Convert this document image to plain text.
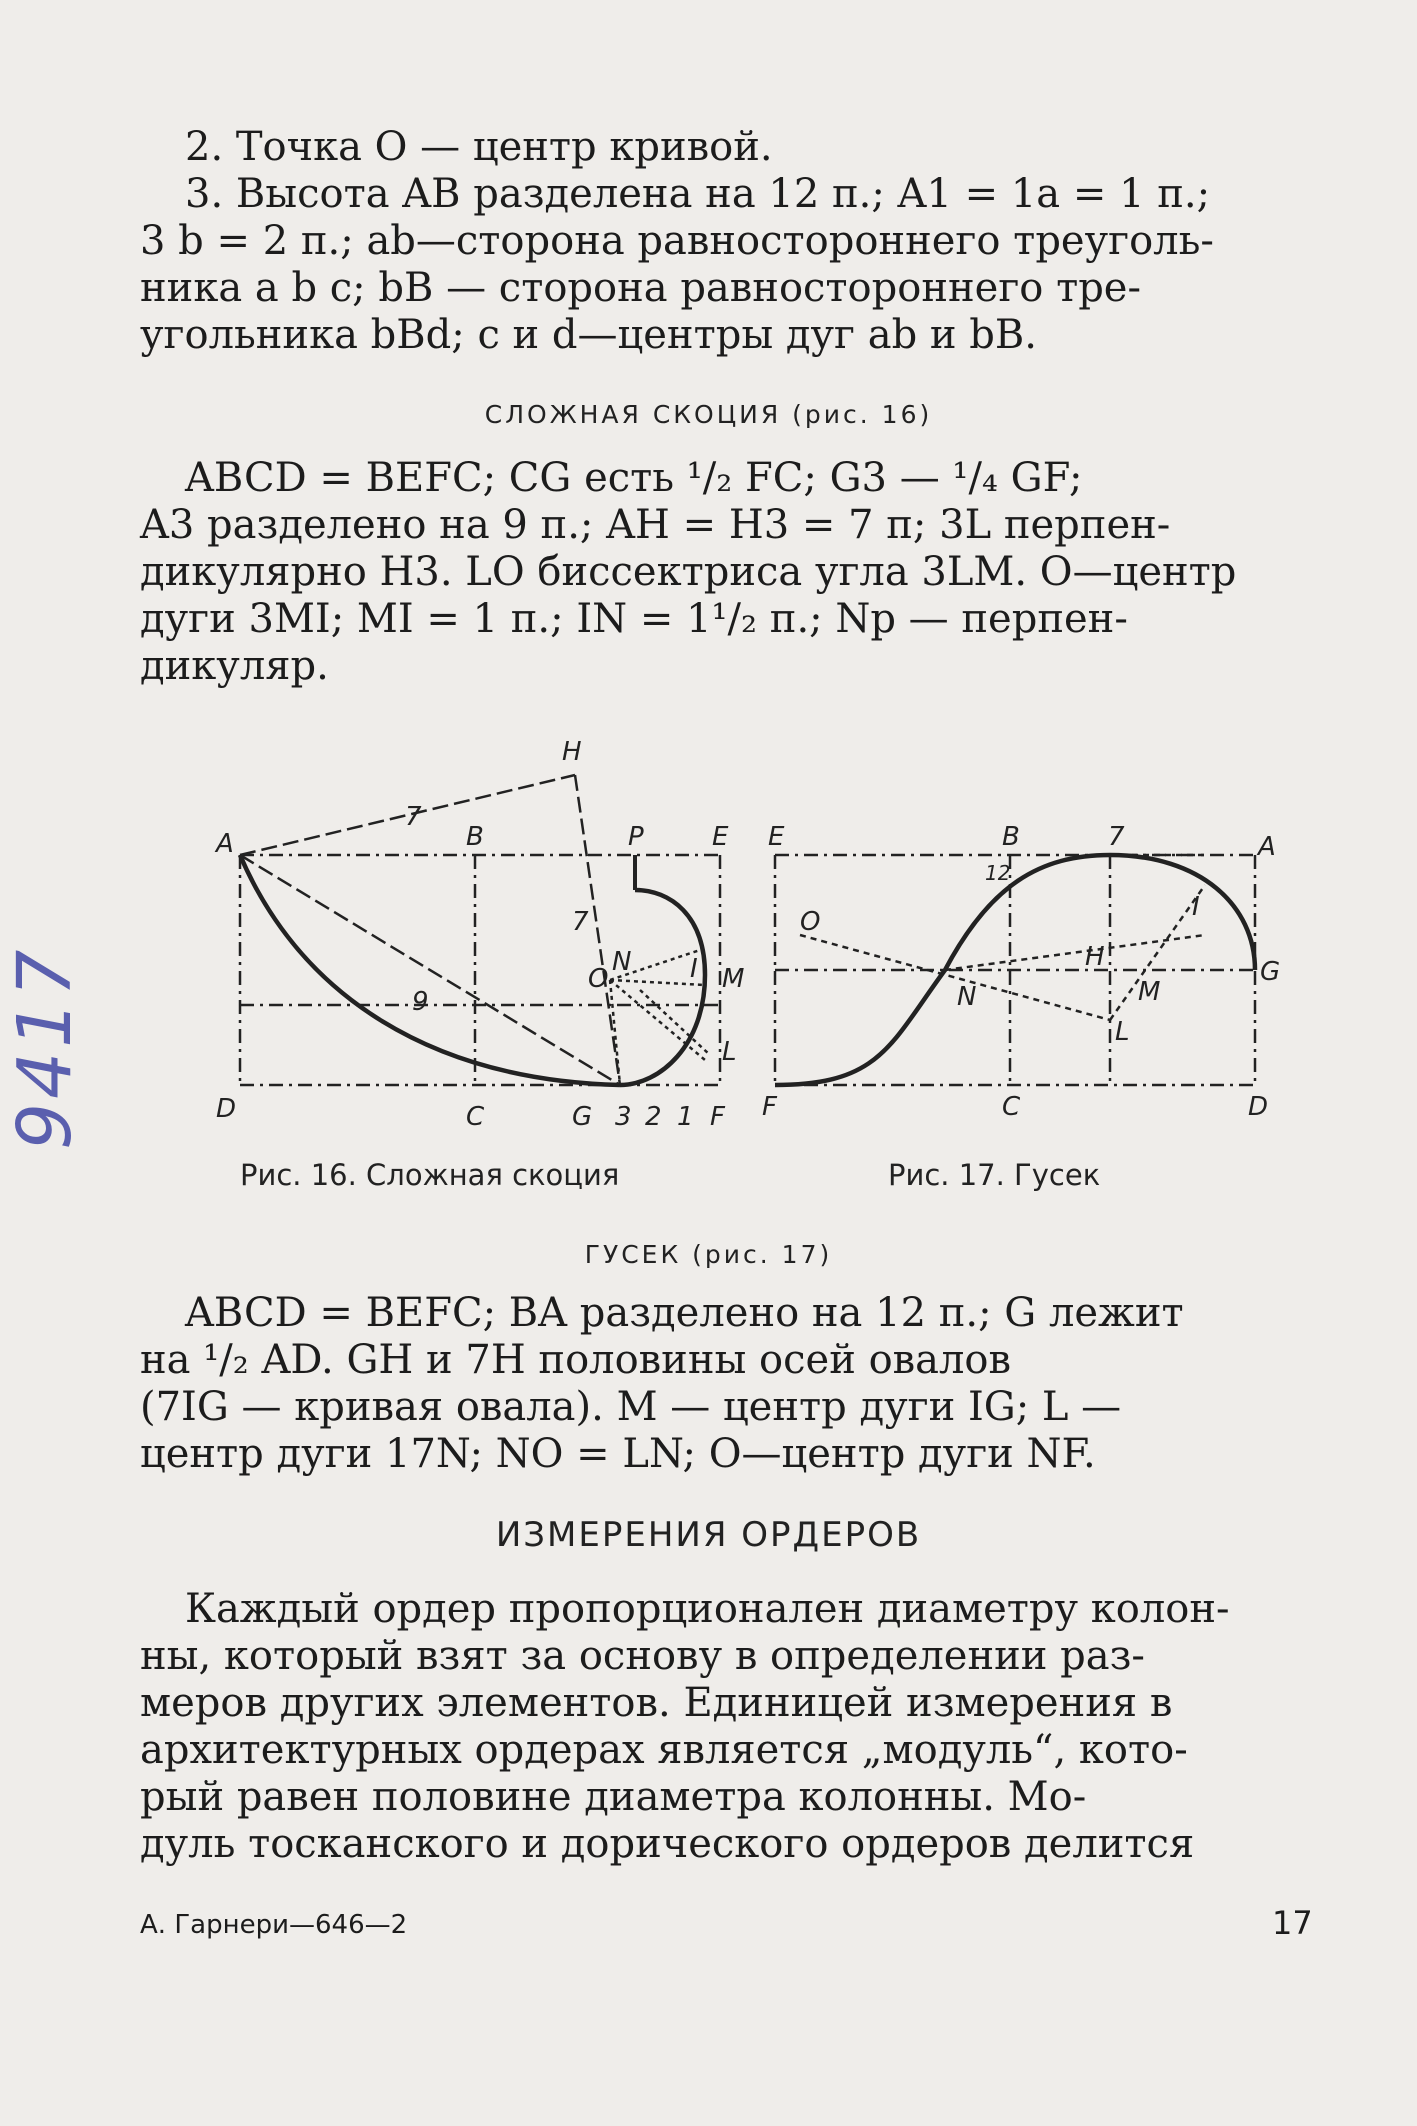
9417
2. Точка O — центр кривой.
3. Высота AB разделена на 12 п.; A1 = 1a = 1 п.;
3 b = 2 п.; ab—сторона равностороннего треуголь-
ника a b c; bB — сторона равностороннего тре-
угольника bBd; c и d—центры дуг ab и bB.
СЛОЖНАЯ СКОЦИЯ (рис. 16)
ABCD = BEFC; CG есть ¹/₂ FC; G3 — ¹/₄ GF;
A3 разделено на 9 п.; AH = H3 = 7 п; 3L перпен-
дикулярно H3. LO биссектриса угла 3LM. O—центр
дуги 3MI; MI = 1 п.; IN = 1¹/₂ п.; Np — перпен-
дикуляр.
H
A	B	P	E
7
7
9
O
N I M
L
D	C	G 3 2 1 F
E	B	7	A
12
O
H
I
N	M
G
L
F	C	D
Рис. 16. Сложная скоция	Рис. 17. Гусек
ГУСЕК (рис. 17)
ABCD = BEFC; BA разделено на 12 п.; G лежит
на ¹/₂ AD. GH и 7H половины осей овалов
(7IG — кривая овала). M — центр дуги IG; L —
центр дуги 17N; NO = LN; O—центр дуги NF.
ИЗМЕРЕНИЯ ОРДЕРОВ
Каждый ордер пропорционален диаметру колон-
ны, который взят за основу в определении раз-
меров других элементов. Единицей измерения в
архитектурных ордерах является „модуль“, кото-
рый равен половине диаметра колонны. Мо-
дуль тосканского и дорического ордеров делится
А. Гарнери—646—2	17
